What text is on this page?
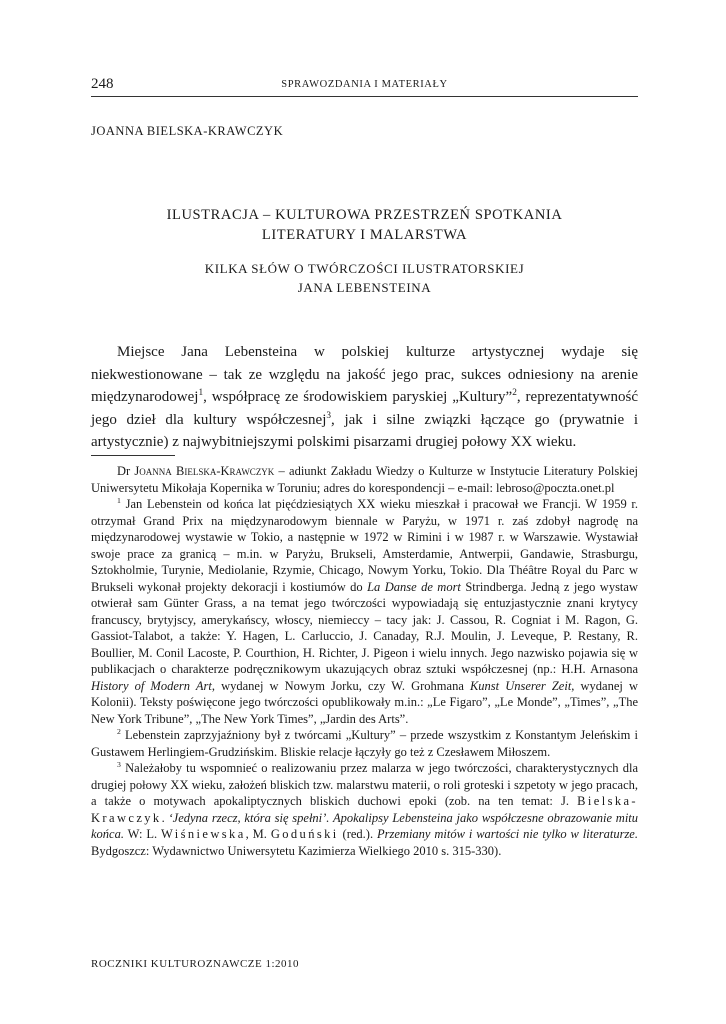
248	SPRAWOZDANIA I MATERIAŁY
JOANNA BIELSKA-KRAWCZYK
ILUSTRACJA – KULTUROWA PRZESTRZEŃ SPOTKANIA
LITERATURY I MALARSTWA
KILKA SŁÓW O TWÓRCZOŚCI ILUSTRATORSKIEJ
JANA LEBENSTEINA

Miejsce Jana Lebensteina w polskiej kulturze artystycznej wydaje się niekwestionowane – tak ze względu na jakość jego prac, sukces odniesiony na arenie międzynarodowej$^1$, współpracę ze środowiskiem paryskiej „Kultury”$^2$, reprezentatywność jego dzieł dla kultury współczesnej$^3$, jak i silne związki łączące go (prywatnie i artystycznie) z najwybitniejszymi polskimi pisarzami drugiej połowy XX wieku.

Dr Joanna Bielska-Krawczyk – adiunkt Zakładu Wiedzy o Kulturze w Instytucie Literatury Polskiej Uniwersytetu Mikołaja Kopernika w Toruniu; adres do korespondencji – e-mail: lebroso@poczta.onet.pl

$^1$ Jan Lebenstein od końca lat pięćdziesiątych XX wieku mieszkał i pracował we Francji. W 1959 r. otrzymał Grand Prix na międzynarodowym biennale w Paryżu, w 1971 r. zaś zdobył nagrodę na międzynarodowej wystawie w Tokio, a następnie w 1972 w Rimini i w 1987 r. w Warszawie. Wystawiał swoje prace za granicą – m.in. w Paryżu, Brukseli, Amsterdamie, Antwerpii, Gandawie, Strasburgu, Sztokholmie, Turynie, Mediolanie, Rzymie, Chicago, Nowym Yorku, Tokio. Dla Théâtre Royal du Parc w Brukseli wykonał projekty dekoracji i kostiumów do La Danse de mort Strindberga. Jedną z jego wystaw otwierał sam Günter Grass, a na temat jego twórczości wypowiadają się entuzjastycznie znani krytycy francuscy, brytyjscy, amerykańscy, włoscy, niemieccy – tacy jak: J. Cassou, R. Cogniat i M. Ragon, G. Gassiot-Talabot, a także: Y. Hagen, L. Carluccio, J. Canaday, R.J. Moulin, J. Leveque, P. Restany, R. Boullier, M. Conil Lacoste, P. Courthion, H. Richter, J. Pigeon i wielu innych. Jego nazwisko pojawia się w publikacjach o charakterze podręcznikowym ukazujących obraz sztuki współczesnej (np.: H.H. Arnasona History of Modern Art, wydanej w Nowym Jorku, czy W. Grohmana Kunst Unserer Zeit, wydanej w Kolonii). Teksty poświęcone jego twórczości opublikowały m.in.: „Le Figaro”, „Le Monde”, „Times”, „The New York Tribune”, „The New York Times”, „Jardin des Arts”.

$^2$ Lebenstein zaprzyjaźniony był z twórcami „Kultury” – przede wszystkim z Konstantym Jeleńskim i Gustawem Herlingiem-Grudzińskim. Bliskie relacje łączyły go też z Czesławem Miłoszem.

$^3$ Należałoby tu wspomnieć o realizowaniu przez malarza w jego twórczości, charakterystycznych dla drugiej połowy XX wieku, założeń bliskich tzw. malarstwu materii, o roli groteski i szpetoty w jego pracach, a także o motywach apokaliptycznych bliskich duchowi epoki (zob. na ten temat: J. Bielska-Krawczyk. ‘Jedyna rzecz, która się spełni’. Apokalipsy Lebensteina jako współczesne obrazowanie mitu końca. W: L. Wiśniewska, M. Goduński (red.). Przemiany mitów i wartości nie tylko w literaturze. Bydgoszcz: Wydawnictwo Uniwersytetu Kazimierza Wielkiego 2010 s. 315-330).

ROCZNIKI KULTUROZNAWCZE 1:2010
